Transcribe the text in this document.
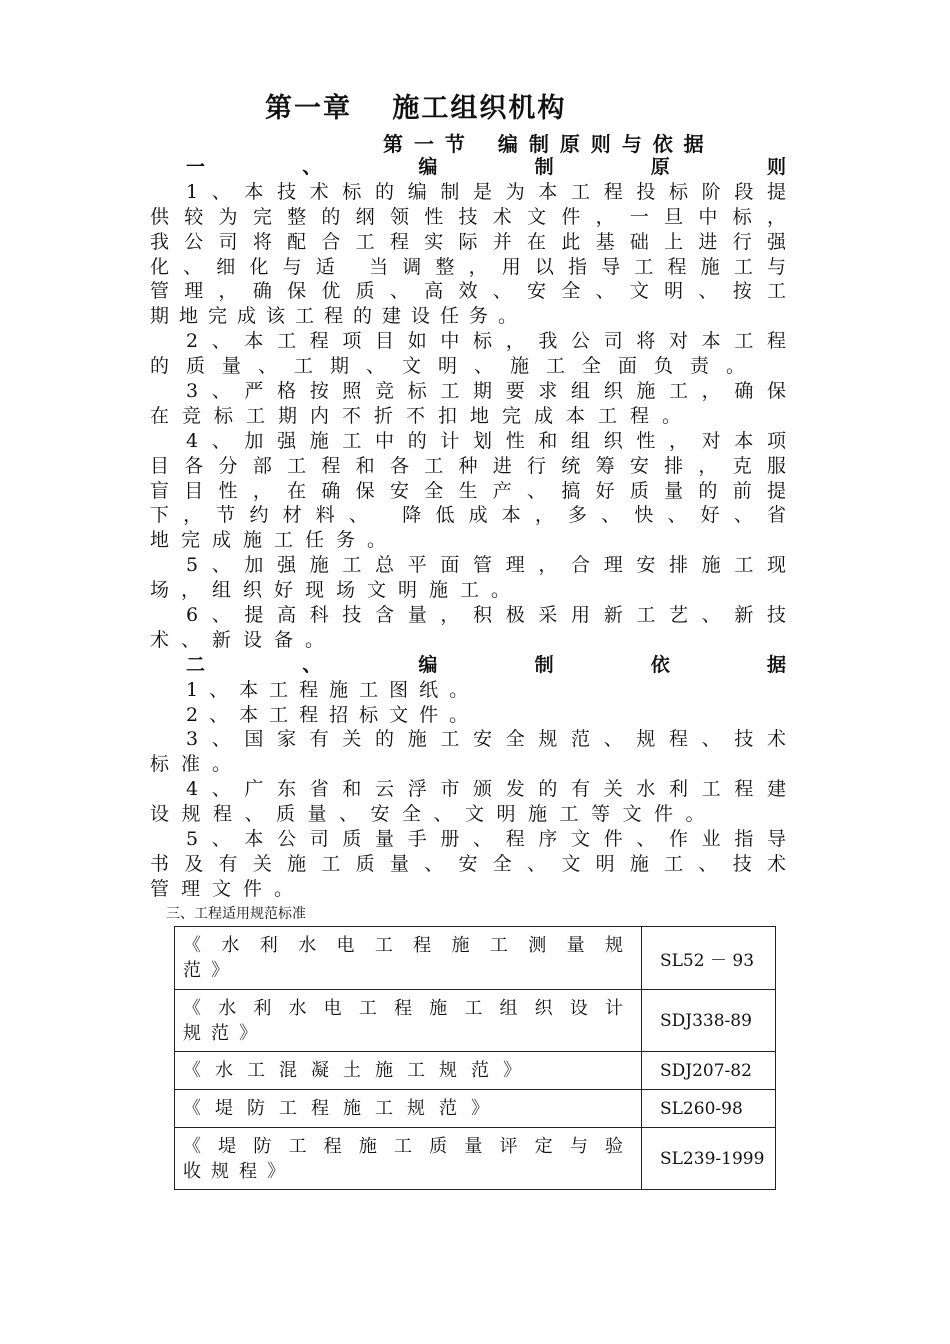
第一章　 施工组织机构
第 一 节　 编 制 原 则 与 依 据
一 、 编 制 原 则
1、本技术标的编制是为本工程投标阶段提
供较为完整的纲领性技术文件，一旦中标，
我公司将配合工程实际并在此基础上进行强
化、细化与适 当调整，用以指导工程施工与
管理，确保优质、高效、安全、文明、按工
期地完成该工程的建设任务。
2、本工程项目如中标，我公司将对本工程
的质量、工期、文明、施工全面负责。
3、严格按照竞标工期要求组织施工，确保
在竞标工期内不折不扣地完成本工程。
4、加强施工中的计划性和组织性，对本项
目各分部工程和各工种进行统筹安排，克服
盲目性，在确保安全生产、搞好质量的前提
下，节约材料、 降低成本，多、快、好、省
地完成施工任务。
5、加强施工总平面管理，合理安排施工现
场，组织好现场文明施工。
6、提高科技含量，积极采用新工艺、新技
术、新设备。
二 、 编 制 依 据
1、本工程施工图纸。
2、本工程招标文件。
3、国家有关的施工安全规范、规程、技术
标准。
4、广东省和云浮市颁发的有关水利工程建
设规程、质量、安全、文明施工等文件。
5、本公司质量手册、程序文件、作业指导
书及有关施工质量、安全、文明施工、技术
管理文件。
三、工程适用规范标准
《水利水电工程施工测量规
范》	SL52 － 93

《水利水电工程施工组织设计
规范》	SDJ338-89

《水工混凝土施工规范》	SDJ207-82

《堤防工程施工规范》	SL260-98

《堤防工程施工质量评定与验
收规程》	SL239-1999
